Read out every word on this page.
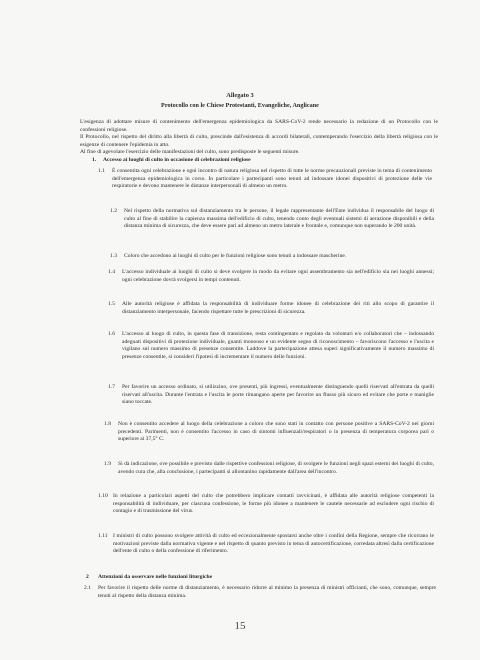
Allegato 3

Protocollo con le Chiese Protestanti, Evangeliche, Anglicane

L'esigenza di adottare misure di contenimento dell'emergenza epidemiologica da SARS-CoV-2 rende necessario la redazione di un Protocollo con le confessioni religiose.

Il Protocollo, nel rispetto del diritto alla libertà di culto, prescinde dall'esistenza di accordi bilaterali, contemperando l'esercizio della libertà religiosa con le esigenze di contenere l'epidemia in atto.

Al fine di agevolare l'esercizio delle manifestazioni del culto, sono predisposte le seguenti misure.

1. Accesso ai luoghi di culto in occasione di celebrazioni religiose

1.1 È consentita ogni celebrazione e ogni incontro di natura religiosa nel rispetto di tutte le norme precauzionali previste in tema di contenimento dell'emergenza epidemiologica in corso. In particolare i partecipanti sono tenuti ad indossare idonei dispositivi di protezione delle vie respiratorie e devono mantenere le distanze interpersonali di almeno un metro.

1.2 Nel rispetto della normativa sul distanziamento tra le persone, il legale rappresentante dell'Ente individua il responsabile del luogo di culto al fine di stabilire la capienza massima dell'edificio di culto, tenendo conto degli eventuali sistemi di aerazione disponibili e della distanza minima di sicurezza, che deve essere pari ad almeno un metro laterale e frontale e, comunque non superando le 200 unità.

1.3 Coloro che accedono ai luoghi di culto per le funzioni religiose sono tenuti a indossare mascherine.

1.4 L'accesso individuale ai luoghi di culto si deve svolgere in modo da evitare ogni assembramento sia nell'edificio sia nei luoghi annessi; ogni celebrazione dovrà svolgersi in tempi contenuti.

1.5 Alle autorità religiose è affidata la responsabilità di individuare forme idonee di celebrazione dei riti allo scopo di garantire il distanziamento interpersonale, facendo rispettare tutte le prescrizioni di sicurezza.

1.6 L'accesso al luogo di culto, in questa fase di transizione, resta contingentato e regolato da volontari e/o collaboratori che – indossando adeguati dispositivi di protezione individuale, guanti monouso e un evidente segno di riconoscimento – favoriscono l'accesso e l'uscita e vigilano sul numero massimo di presenze consentite. Laddove la partecipazione attesa superi significativamente il numero massimo di presenze consentite, si consideri l'ipotesi di incrementare il numero delle funzioni.

1.7 Per favorire un accesso ordinato, si utilizzino, ove presenti, più ingressi, eventualmente distinguendo quelli riservati all'entrata da quelli riservati all'uscita. Durante l'entrata e l'uscita le porte rimangano aperte per favorire un flusso più sicuro ed evitare che porte e maniglie siano toccate.

1.8 Non è consentito accedere al luogo della celebrazione a coloro che sono stati in contatto con persone positive a SARS-CoV-2 nei giorni precedenti. Parimenti, non è consentito l'accesso in caso di sintomi influenzali/respiratori o in presenza di temperatura corporea pari o superiore ai 37,5° C.

1.9 Si dà indicazione, ove possibile e previsto dalle rispettive confessioni religiose, di svolgere le funzioni negli spazi esterni dei luoghi di culto, avendo cura che, alla conclusione, i partecipanti si allontanino rapidamente dall'area dell'incontro.

1.10 In relazione a particolari aspetti del culto che potrebbero implicare contatti ravvicinati, è affidata alle autorità religiose competenti la responsabilità di individuare, per ciascuna confessione, le forme più idonee a mantenere le cautele necessarie ad escludere ogni rischio di contagio e di trasmissione del virus.

1.11 I ministri di culto possono svolgere attività di culto ed eccezionalmente spostarsi anche oltre i confini della Regione, sempre che ricorrano le motivazioni previste dalla normativa vigente e nel rispetto di quanto previsto in tema di autocertificazione, corredata altresì dalla certificazione dell'ente di culto o della confessione di riferimento.

2 Attenzioni da osservare nelle funzioni liturgiche

2.1 Per favorire il rispetto delle norme di distanziamento, è necessario ridurre al minimo la presenza di ministri officianti, che sono, comunque, sempre tenuti al rispetto della distanza minima.

15
